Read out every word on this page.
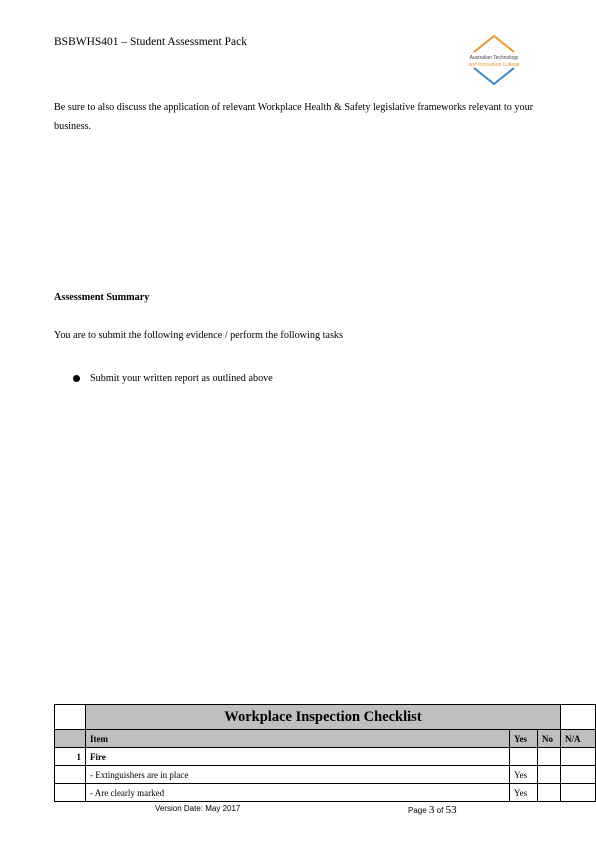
BSBWHS401 – Student Assessment Pack
Australian Technology
and Innovation College
Be sure to also discuss the application of relevant Workplace Health & Safety legislative frameworks relevant to your business.
Assessment Summary
You are to submit the following evidence / perform the following tasks
Submit your written report as outlined above
	Workplace Inspection Checklist			
	Item	Yes	No	N/A
1	Fire			
	- Extinguishers are in place	Yes		
	- Are clearly marked	Yes		
Version Date: May 2017	Page 3 of 53
